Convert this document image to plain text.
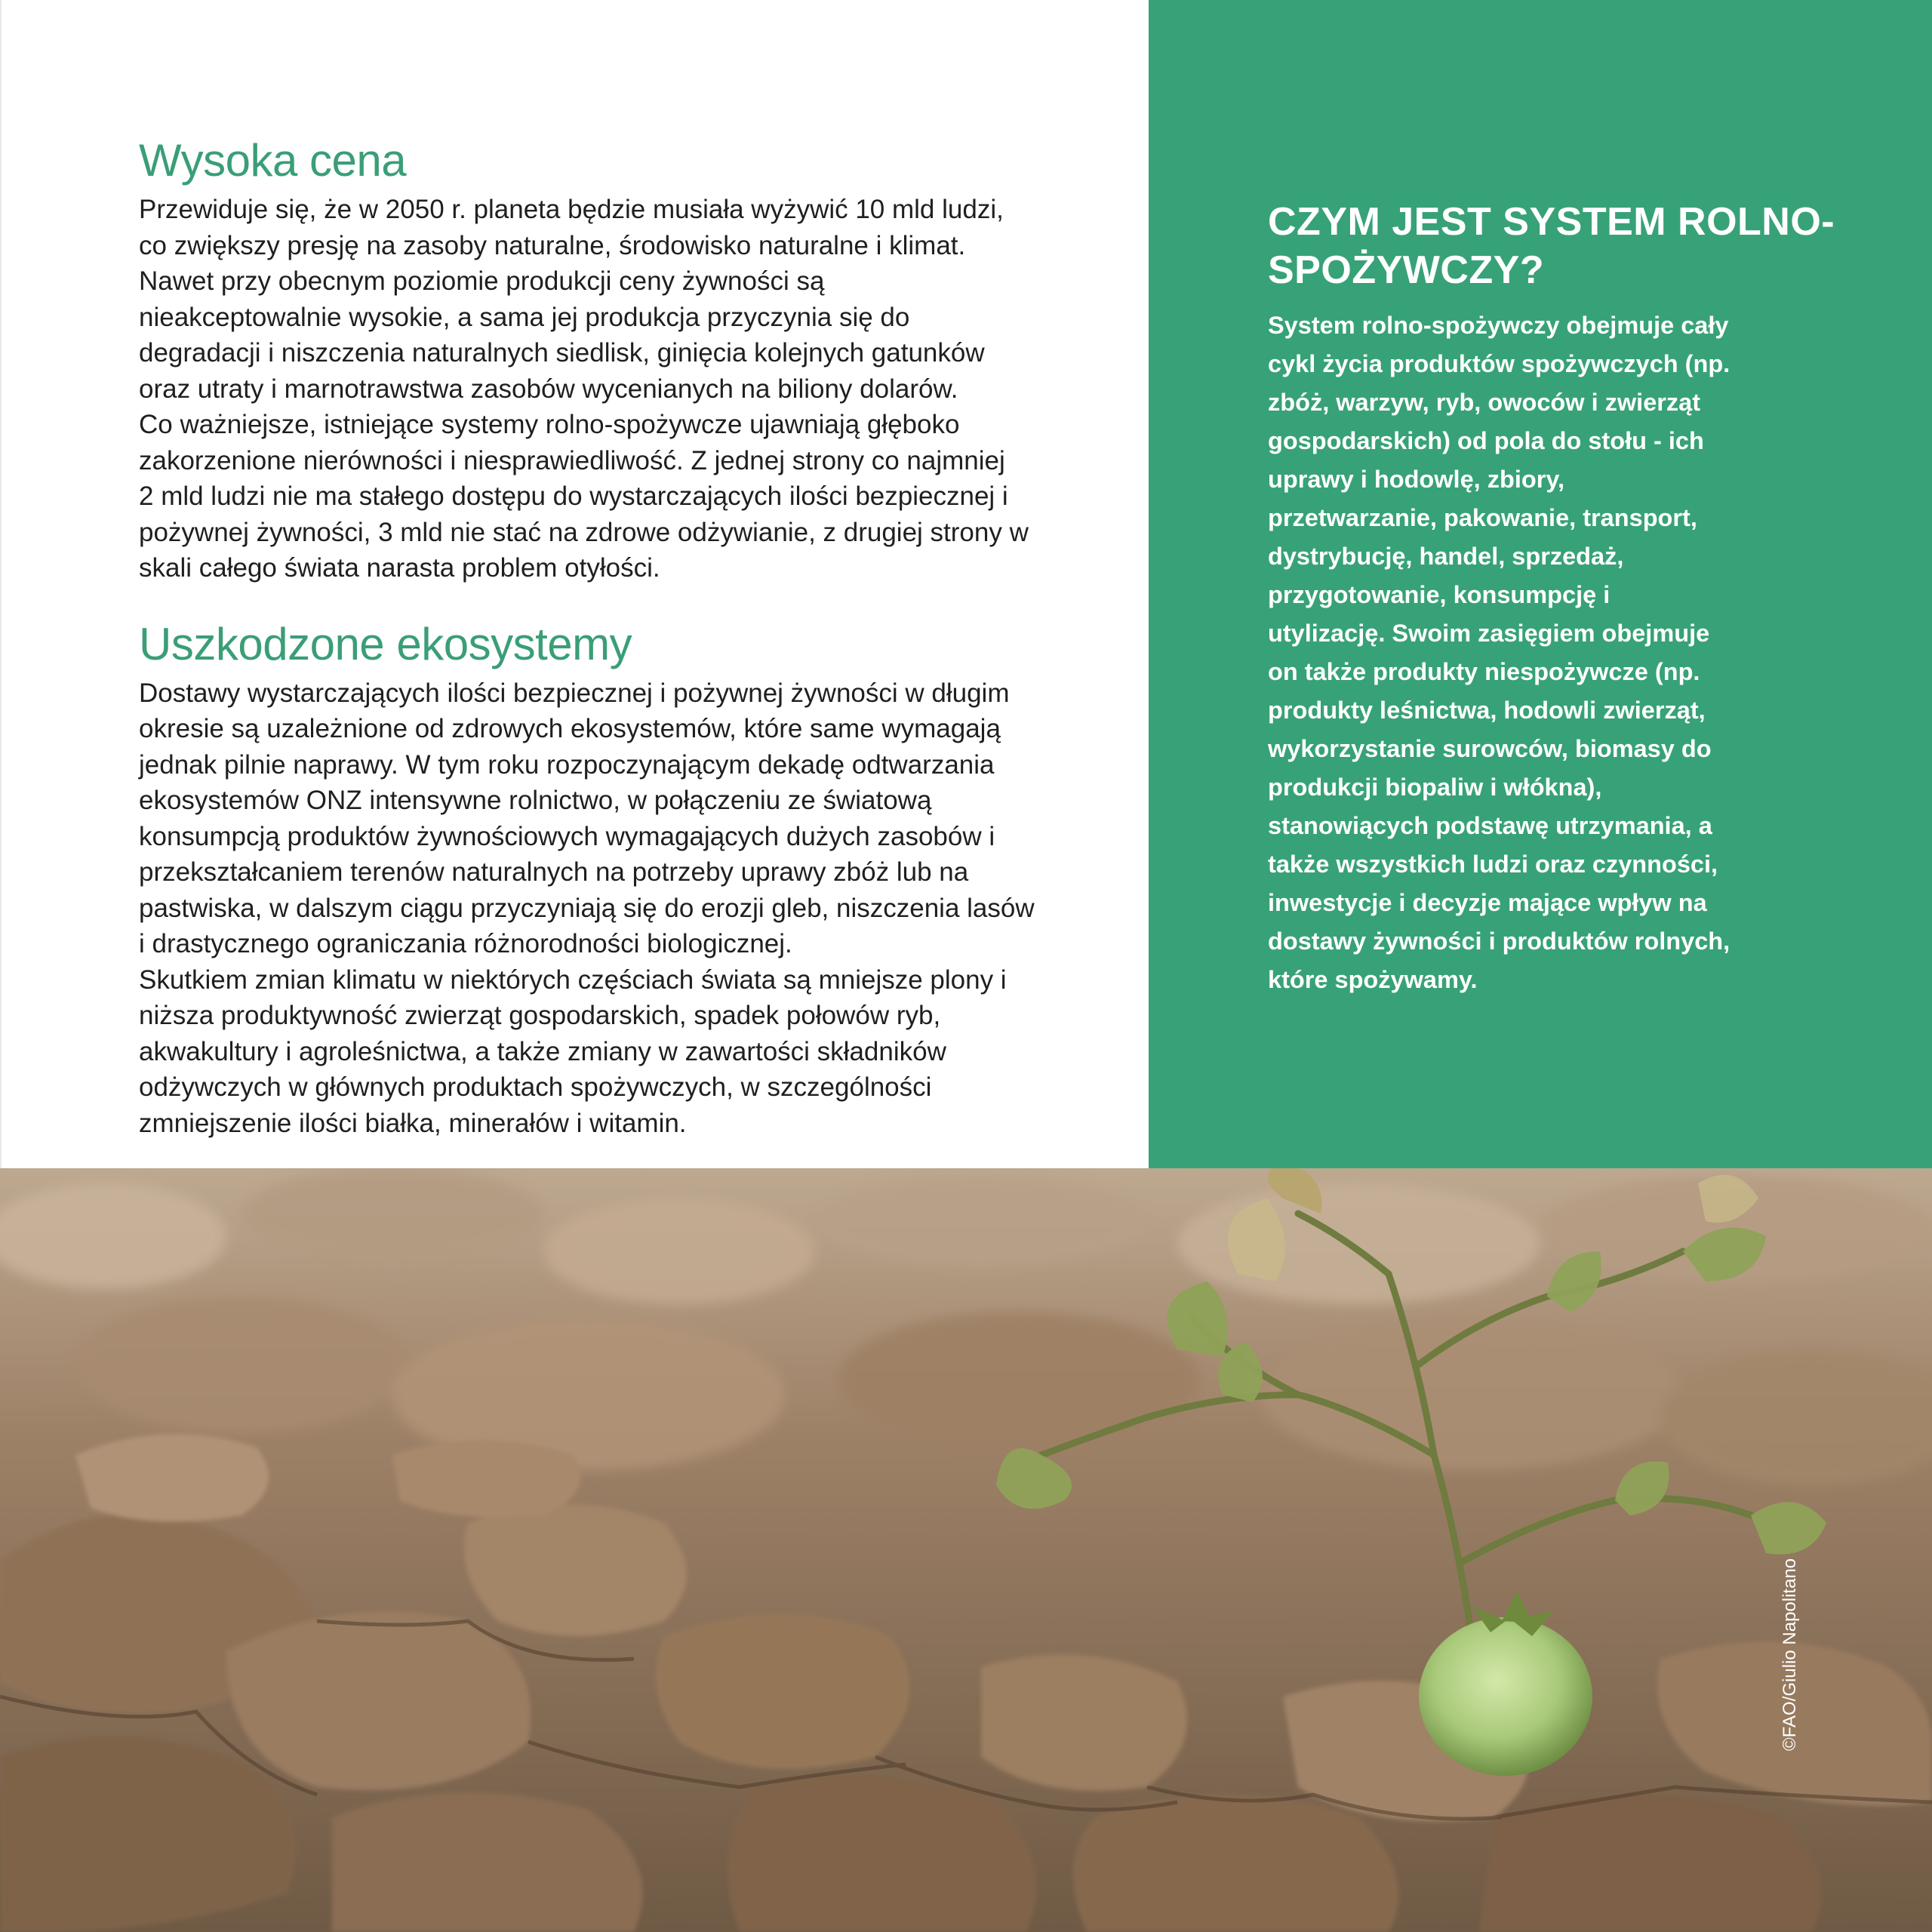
Wysoka cena

Przewiduje się, że w 2050 r. planeta będzie musiała wyżywić 10 mld ludzi,
co zwiększy presję na zasoby naturalne, środowisko naturalne i klimat.
Nawet przy obecnym poziomie produkcji ceny żywności są
nieakceptowalnie wysokie, a sama jej produkcja przyczynia się do
degradacji i niszczenia naturalnych siedlisk, ginięcia kolejnych gatunków
oraz utraty i marnotrawstwa zasobów wycenianych na biliony dolarów.
Co ważniejsze, istniejące systemy rolno-spożywcze ujawniają głęboko
zakorzenione nierówności i niesprawiedliwość. Z jednej strony co najmniej
2 mld ludzi nie ma stałego dostępu do wystarczających ilości bezpiecznej i
pożywnej żywności, 3 mld nie stać na zdrowe odżywianie, z drugiej strony w
skali całego świata narasta problem otyłości.

Uszkodzone ekosystemy

Dostawy wystarczających ilości bezpiecznej i pożywnej żywności w długim
okresie są uzależnione od zdrowych ekosystemów, które same wymagają
jednak pilnie naprawy. W tym roku rozpoczynającym dekadę odtwarzania
ekosystemów ONZ intensywne rolnictwo, w połączeniu ze światową
konsumpcją produktów żywnościowych wymagających dużych zasobów i
przekształcaniem terenów naturalnych na potrzeby uprawy zbóż lub na
pastwiska, w dalszym ciągu przyczyniają się do erozji gleb, niszczenia lasów
i drastycznego ograniczania różnorodności biologicznej.
Skutkiem zmian klimatu w niektórych częściach świata są mniejsze plony i
niższa produktywność zwierząt gospodarskich, spadek połowów ryb,
akwakultury i agroleśnictwa, a także zmiany w zawartości składników
odżywczych w głównych produktach spożywczych, w szczególności
zmniejszenie ilości białka, minerałów i witamin.

CZYM JEST SYSTEM ROLNO-
SPOŻYWCZY?

System rolno-spożywczy obejmuje cały
cykl życia produktów spożywczych (np.
zbóż, warzyw, ryb, owoców i zwierząt
gospodarskich) od pola do stołu - ich
uprawy i hodowlę, zbiory,
przetwarzanie, pakowanie, transport,
dystrybucję, handel, sprzedaż,
przygotowanie, konsumpcję i
utylizację. Swoim zasięgiem obejmuje
on także produkty niespożywcze (np.
produkty leśnictwa, hodowli zwierząt,
wykorzystanie surowców, biomasy do
produkcji biopaliw i włókna),
stanowiących podstawę utrzymania, a
także wszystkich ludzi oraz czynności,
inwestycje i decyzje mające wpływ na
dostawy żywności i produktów rolnych,
które spożywamy.

©FAO/Giulio Napolitano
